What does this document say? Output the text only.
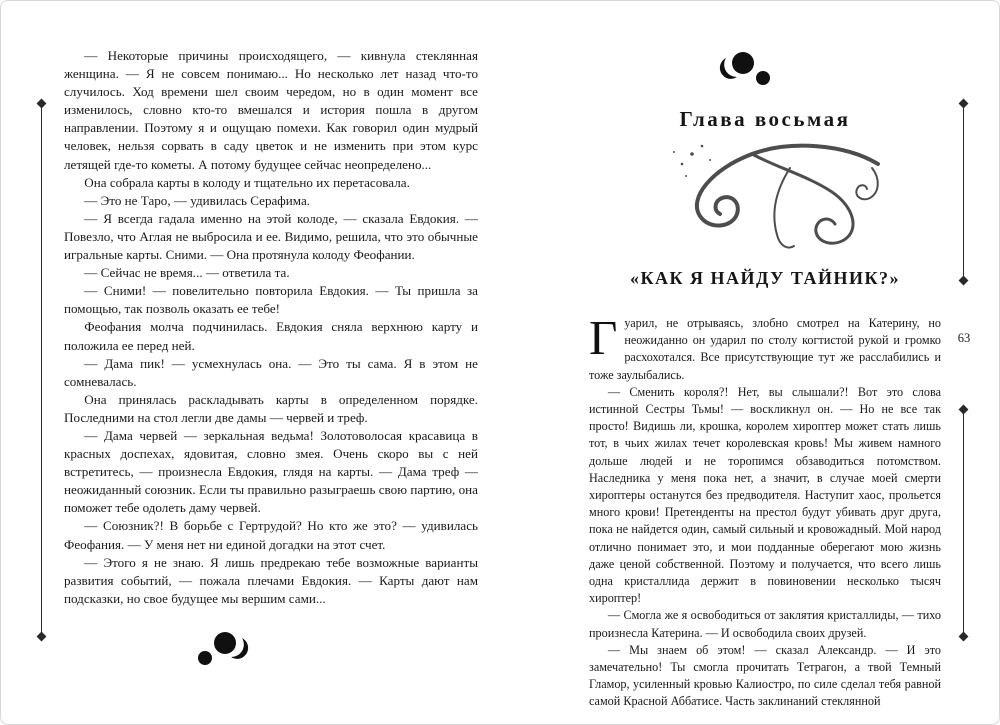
63

— Некоторые причины происходящего, — кивнула стеклянная женщина. — Я не совсем понимаю... Но несколько лет назад что-то случилось. Ход времени шел своим чередом, но в один момент все изменилось, словно кто-то вмешался и история пошла в другом направлении. Поэтому я и ощущаю помехи. Как говорил один мудрый человек, нельзя сорвать в саду цветок и не изменить при этом курс летящей где-то кометы. А потому будущее сейчас неопределено...

Она собрала карты в колоду и тщательно их перетасовала.

— Это не Таро, — удивилась Серафима.

— Я всегда гадала именно на этой колоде, — сказала Евдокия. — Повезло, что Аглая не выбросила и ее. Видимо, решила, что это обычные игральные карты. Сними. — Она протянула колоду Феофании.

— Сейчас не время... — ответила та.

— Сними! — повелительно повторила Евдокия. — Ты пришла за помощью, так позволь оказать ее тебе!

Феофания молча подчинилась. Евдокия сняла верхнюю карту и положила ее перед ней.

— Дама пик! — усмехнулась она. — Это ты сама. Я в этом не сомневалась.

Она принялась раскладывать карты в определенном порядке. Последними на стол легли две дамы — червей и треф.

— Дама червей — зеркальная ведьма! Золотоволосая красавица в красных доспехах, ядовитая, словно змея. Очень скоро вы с ней встретитесь, — произнесла Евдокия, глядя на карты. — Дама треф — неожиданный союзник. Если ты правильно разыграешь свою партию, она поможет тебе одолеть даму червей.

— Союзник?! В борьбе с Гертрудой? Но кто же это? — удивилась Феофания. — У меня нет ни единой догадки на этот счет.

— Этого я не знаю. Я лишь предрекаю тебе возможные варианты развития событий, — пожала плечами Евдокия. — Карты дают нам подсказки, но свое будущее мы вершим сами...

Глава восьмая
«КАК Я НАЙДУ ТАЙНИК?»

Гуарил, не отрываясь, злобно смотрел на Катерину, но неожиданно он ударил по столу когтистой рукой и громко расхохотался. Все присутствующие тут же расслабились и тоже заулыбались.

— Сменить короля?! Нет, вы слышали?! Вот это слова истинной Сестры Тьмы! — воскликнул он. — Но не все так просто! Видишь ли, крошка, королем хироптер может стать лишь тот, в чьих жилах течет королевская кровь! Мы живем намного дольше людей и не торопимся обзаводиться потомством. Наследника у меня пока нет, а значит, в случае моей смерти хироптеры останутся без предводителя. Наступит хаос, прольется много крови! Претенденты на престол будут убивать друг друга, пока не найдется один, самый сильный и кровожадный. Мой народ отлично понимает это, и мои подданные оберегают мою жизнь даже ценой собственной. Поэтому и получается, что всего лишь одна кристаллида держит в повиновении несколько тысяч хироптер!

— Смогла же я освободиться от заклятия кристаллиды, — тихо произнесла Катерина. — И освободила своих друзей.

— Мы знаем об этом! — сказал Александр. — И это замечательно! Ты смогла прочитать Тетрагон, а твой Темный Гламор, усиленный кровью Калиостро, по силе сделал тебя равной самой Красной Аббатисе. Часть заклинаний стеклянной
